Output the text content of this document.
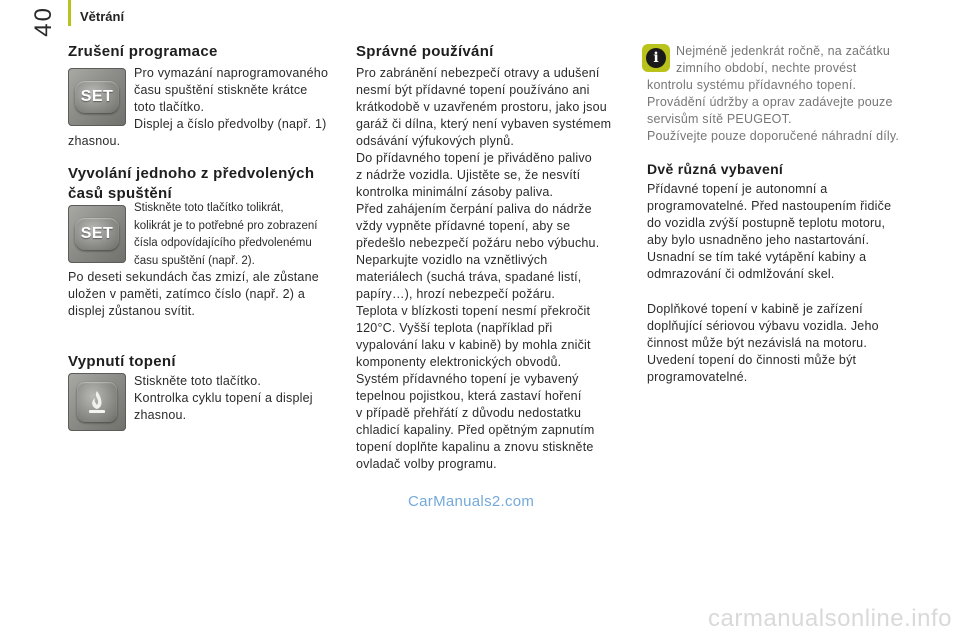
40 Větrání
Zrušení programace
SET

Pro vymazání naprogramovaného

času spuštění stiskněte krátce

toto tlačítko.

Displej a číslo předvolby (např. 1)

zhasnou.
Vyvolání jednoho z předvolených
časů spuštění
SET

Stiskněte toto tlačítko tolikrát,

kolikrát je to potřebné pro zobrazení

čísla odpovídajícího předvolenému

času spuštění (např. 2).

Po deseti sekundách čas zmizí, ale zůstane

uložen v paměti, zatímco číslo (např. 2) a

displej zůstanou svítit.

Vypnutí topení

Stiskněte toto tlačítko.

Kontrolka cyklu topení a displej

zhasnou.

Správné používání

Pro zabránění nebezpečí otravy a udušení

nesmí být přídavné topení používáno ani

krátkodobě v uzavřeném prostoru, jako jsou

garáž či dílna, který není vybaven systémem

odsávání výfukových plynů.

Do přídavného topení je přiváděno palivo

z nádrže vozidla. Ujistěte se, že nesvítí

kontrolka minimální zásoby paliva.

Před zahájením čerpání paliva do nádrže

vždy vypněte přídavné topení, aby se

předešlo nebezpečí požáru nebo výbuchu.

Neparkujte vozidlo na vznětlivých

materiálech (suchá tráva, spadané listí,

papíry…), hrozí nebezpečí požáru.

Teplota v blízkosti topení nesmí překročit

120°C. Vyšší teplota (například při

vypalování laku v kabině) by mohla zničit

komponenty elektronických obvodů.

Systém přídavného topení je vybavený

tepelnou pojistkou, která zastaví hoření

v případě přehřátí z důvodu nedostatku

chladicí kapaliny. Před opětným zapnutím

topení doplňte kapalinu a znovu stiskněte

ovladač volby programu.

i	Nejméně jedenkrát ročně, na začátku

zimního období, nechte provést

kontrolu systému přídavného topení.

Provádění údržby a oprav zadávejte pouze

servisům sítě PEUGEOT.

Používejte pouze doporučené náhradní díly.

Dvě různá vybavení

Přídavné topení je autonomní a

programovatelné. Před nastoupením řidiče

do vozidla zvýší postupně teplotu motoru,

aby bylo usnadněno jeho nastartování.

Usnadní se tím také vytápění kabiny a

odmrazování či odmlžování skel.

Doplňkové topení v kabině je zařízení

doplňující sériovou výbavu vozidla. Jeho

činnost může být nezávislá na motoru.

Uvedení topení do činnosti může být

programovatelné.

CarManuals2.com
carmanualsonline.info
